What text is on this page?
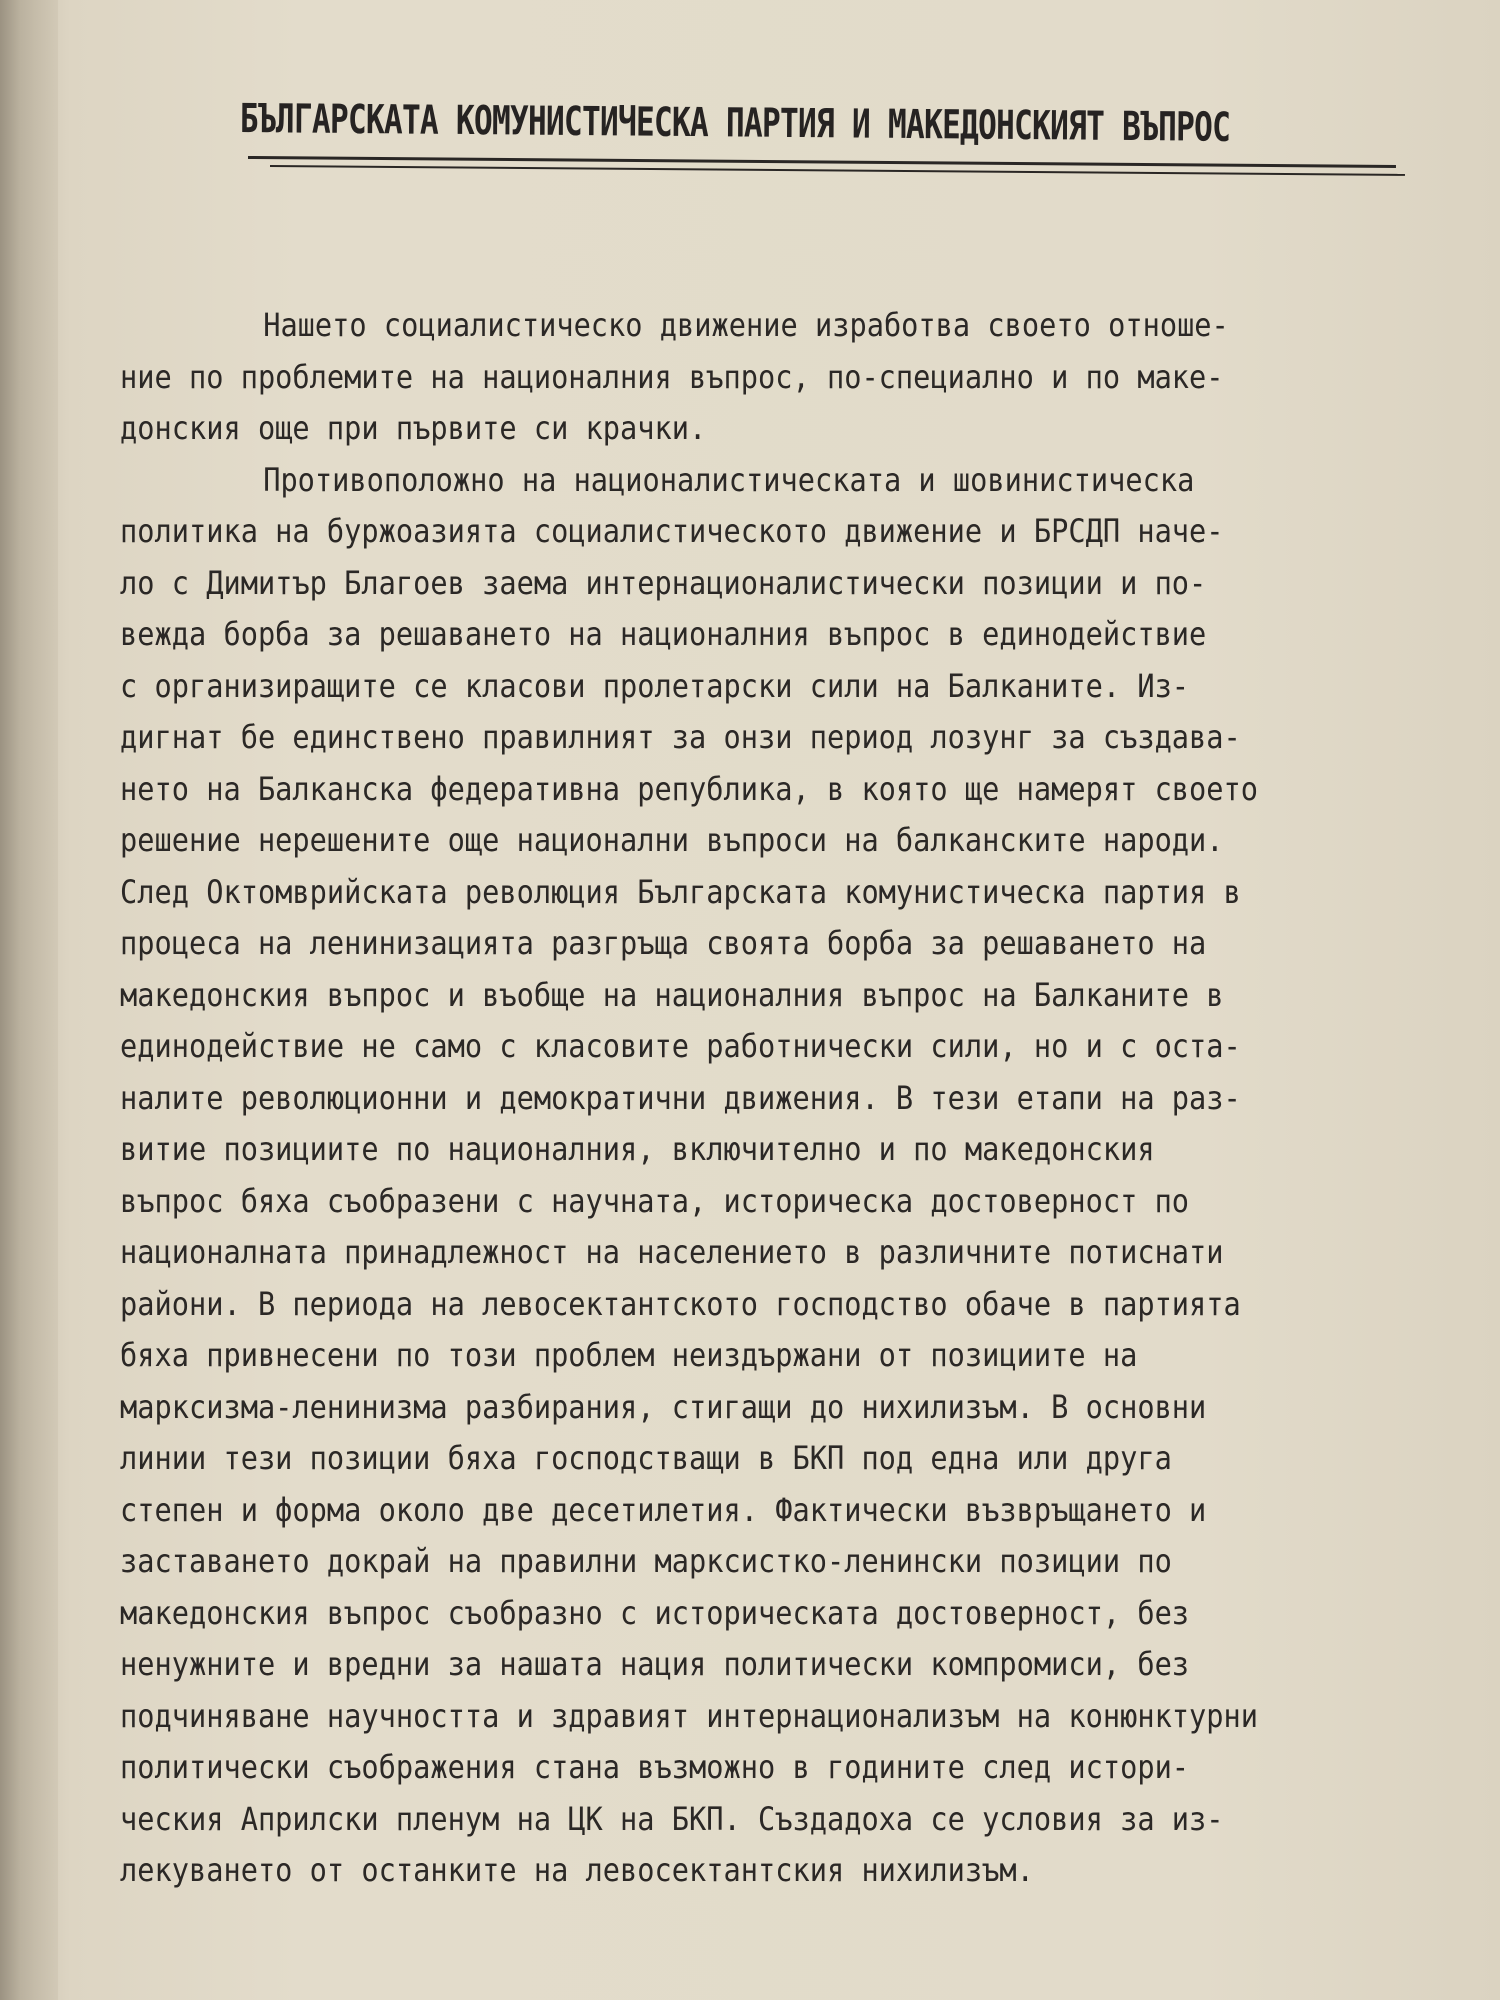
БЪЛГАРСКАТА КОМУНИСТИЧЕСКА ПАРТИЯ И МАКЕДОНСКИЯТ ВЪПРОС
Нашето социалистическо движение изработва своето отноше-
ние по проблемите на националния въпрос, по-специално и по маке-
донския още при първите си крачки.
Противоположно на националистическата и шовинистическа
политика на буржоазията социалистическото движение и БРСДП наче-
ло с Димитър Благоев заема интернационалистически позиции и по-
вежда борба за решаването на националния въпрос в единодействие
с организиращите се класови пролетарски сили на Балканите. Из-
дигнат бе единствено правилният за онзи период лозунг за създава-
нето на Балканска федеративна република, в която ще намерят своето
решение нерешените още национални въпроси на балканските народи.
След Октомврийската революция Българската комунистическа партия в
процеса на ленинизацията разгръща своята борба за решаването на
македонския въпрос и въобще на националния въпрос на Балканите в
единодействие не само с класовите работнически сили, но и с оста-
налите революционни и демократични движения. В тези етапи на раз-
витие позициите по националния, включително и по македонския
въпрос бяха съобразени с научната, историческа достоверност по
националната принадлежност на населението в различните потиснати
райони. В периода на левосектантското господство обаче в партията
бяха привнесени по този проблем неиздържани от позициите на
марксизма-ленинизма разбирания, стигащи до нихилизъм. В основни
линии тези позиции бяха господстващи в БКП под една или друга
степен и форма около две десетилетия. Фактически възвръщането и
заставането докрай на правилни марксистко-ленински позиции по
македонския въпрос съобразно с историческата достоверност, без
ненужните и вредни за нашата нация политически компромиси, без
подчиняване научността и здравият интернационализъм на конюнктурни
политически съображения стана възможно в годините след истори-
ческия Априлски пленум на ЦК на БКП. Създадоха се условия за из-
лекуването от останките на левосектантския нихилизъм.
